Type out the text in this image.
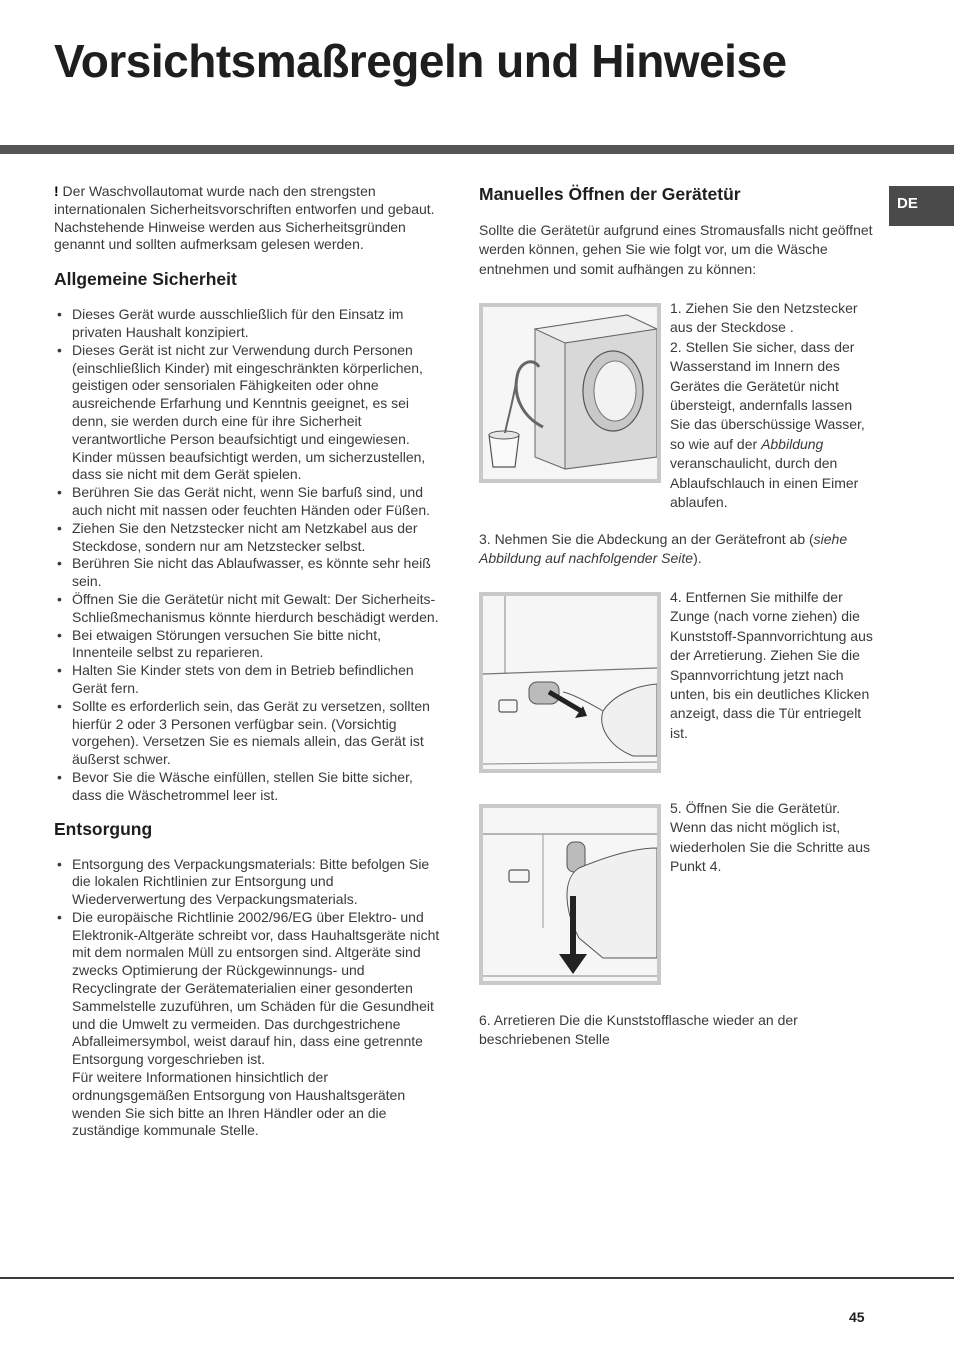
Vorsichtsmaßregeln und Hinweise
DE

! Der Waschvollautomat wurde nach den strengsten internationalen Sicherheitsvorschriften entworfen und gebaut. Nachstehende Hinweise werden aus Sicherheitsgründen genannt und sollten aufmerksam gelesen werden.

Allgemeine Sicherheit
• Dieses Gerät wurde ausschließlich für den Einsatz im privaten Haushalt konzipiert.
• Dieses Gerät ist nicht zur Verwendung durch Personen (einschließlich Kinder) mit eingeschränkten körperlichen, geistigen oder sensorialen Fähigkeiten oder ohne ausreichende Erfarhung und Kenntnis geeignet, es sei denn, sie werden durch eine für ihre Sicherheit verantwortliche Person beaufsichtigt und eingewiesen. Kinder müssen beaufsichtigt werden, um sicherzustellen, dass sie nicht mit dem Gerät spielen.
• Berühren Sie das Gerät nicht, wenn Sie barfuß sind, und auch nicht mit nassen oder feuchten Händen oder Füßen.
• Ziehen Sie den Netzstecker nicht am Netzkabel aus der Steckdose, sondern nur am Netzstecker selbst.
• Berühren Sie nicht das Ablaufwasser, es könnte sehr heiß sein.
• Öffnen Sie die Gerätetür nicht mit Gewalt: Der Sicherheits-Schließmechanismus könnte hierdurch beschädigt werden.
• Bei etwaigen Störungen versuchen Sie bitte nicht, Innenteile selbst zu reparieren.
• Halten Sie Kinder stets von dem in Betrieb befindlichen Gerät fern.
• Sollte es erforderlich sein, das Gerät zu versetzen, sollten hierfür 2 oder 3 Personen verfügbar sein. (Vorsichtig vorgehen). Versetzen Sie es niemals allein, das Gerät ist äußerst schwer.
• Bevor Sie die Wäsche einfüllen, stellen Sie bitte sicher, dass die Wäschetrommel leer ist.
Entsorgung
• Entsorgung des Verpackungsmaterials: Bitte befolgen Sie die lokalen Richtlinien zur Entsorgung und Wiederverwertung des Verpackungsmaterials.
• Die europäische Richtlinie 2002/96/EG über Elektro- und Elektronik-Altgeräte schreibt vor, dass Hauhaltsgeräte nicht mit dem normalen Müll zu entsorgen sind. Altgeräte sind zwecks Optimierung der Rückgewinnungs- und Recyclingrate der Gerätematerialien einer gesonderten Sammelstelle zuzuführen, um Schäden für die Gesundheit und die Umwelt zu vermeiden. Das durchgestrichene Abfalleimersymbol, weist darauf hin, dass eine getrennte Entsorgung vorgeschrieben ist.
Für weitere Informationen hinsichtlich der ordnungsgemäßen Entsorgung von Haushaltsgeräten wenden Sie sich bitte an Ihren Händler oder an die zuständige kommunale Stelle.
Manuelles Öffnen der Gerätetür

Sollte die Gerätetür aufgrund eines Stromausfalls nicht geöffnet werden können, gehen Sie wie folgt vor, um die Wäsche entnehmen und somit aufhängen zu können:

1. Ziehen Sie den Netzstecker aus der Steckdose .

2. Stellen Sie sicher, dass der Wasserstand im Innern des Gerätes die Gerätetür nicht übersteigt, andernfalls lassen Sie das überschüssige Wasser, so wie auf der Abbildung veranschaulicht, durch den Ablaufschlauch in einen Eimer ablaufen.

3. Nehmen Sie die Abdeckung an der Gerätefront ab (siehe Abbildung auf nachfolgender Seite).

4. Entfernen Sie mithilfe der Zunge (nach vorne ziehen) die Kunststoff-Spannvorrichtung aus der Arretierung. Ziehen Sie die Spannvorrichtung jetzt nach unten, bis ein deutliches Klicken anzeigt, dass die Tür entriegelt ist.

5. Öffnen Sie die Gerätetür. Wenn das nicht möglich ist, wiederholen Sie die Schritte aus Punkt 4.

6. Arretieren Die die Kunststofflasche wieder an der beschriebenen Stelle

45
